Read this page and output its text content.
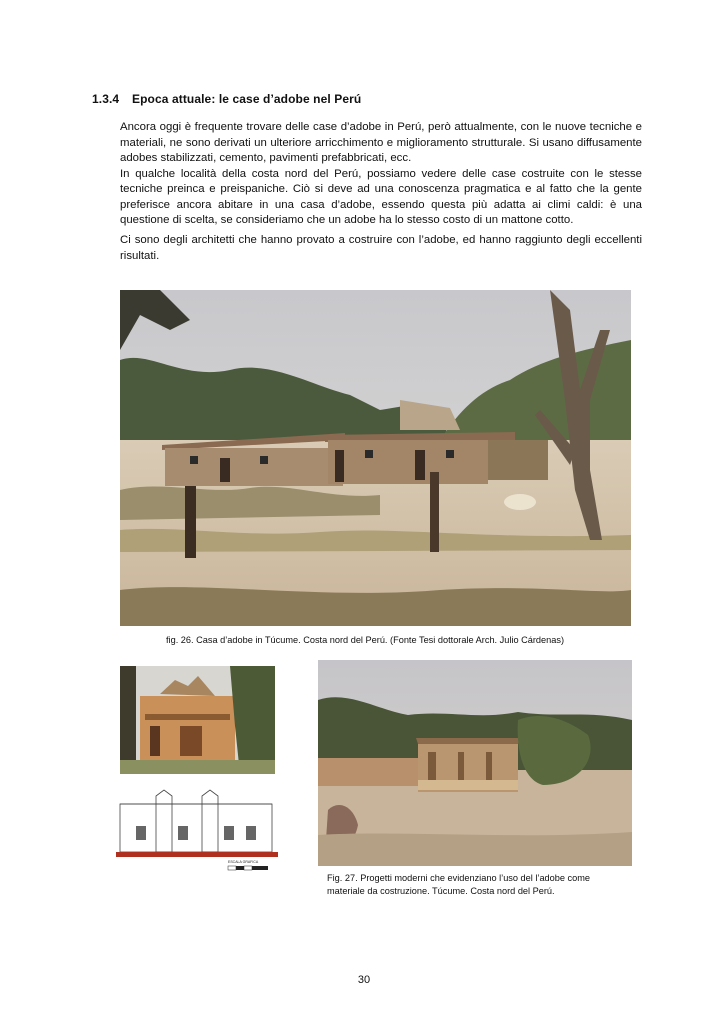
1.3.4 Epoca attuale: le case d’adobe nel Perú

Ancora oggi è frequente trovare delle case d’adobe in Perú, però attualmente, con le nuove tecniche e materiali, ne sono derivati un ulteriore arricchimento e miglioramento strutturale. Si usano diffusamente adobes stabilizzati, cemento, pavimenti prefabbricati, ecc.

In qualche località della costa nord del Perú, possiamo vedere delle case costruite con le stesse tecniche preinca e preispaniche. Ciò si deve ad una conoscenza pragmatica e al fatto che la gente preferisce ancora abitare in una casa d’adobe, essendo questa più adatta ai climi caldi: è una questione di scelta, se consideriamo che un adobe ha lo stesso costo di un mattone cotto.

Ci sono degli architetti che hanno provato a costruire con l’adobe, ed hanno raggiunto degli eccellenti risultati.

fig. 26. Casa d’adobe in Túcume. Costa nord del Perú. (Fonte Tesi dottorale Arch. Julio Cárdenas)
ESCALA GRAFICA
Fig. 27. Progetti moderni che evidenziano l’uso del l’adobe come
materiale da costruzione. Túcume. Costa nord del Perú.
30
